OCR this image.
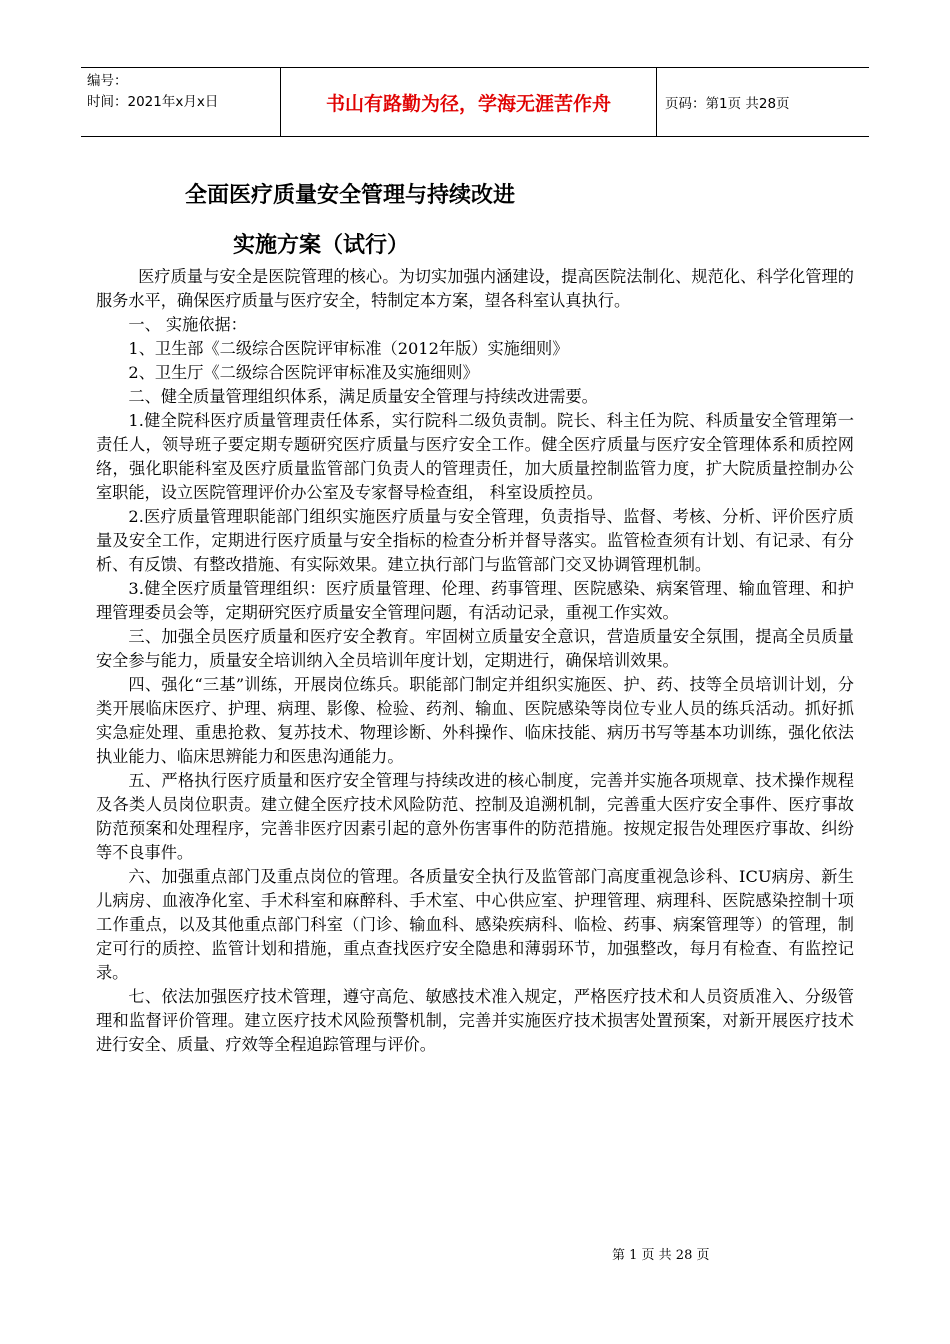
编号：
时间：2021年x月x日	书山有路勤为径，学海无涯苦作舟	页码：第1页 共28页
全面医疗质量安全管理与持续改进
实施方案（试行）

医疗质量与安全是医院管理的核心。为切实加强内涵建设，提高医院法制化、规范化、科学化管理的服务水平，确保医疗质量与医疗安全，特制定本方案，望各科室认真执行。

一、 实施依据：

1、卫生部《二级综合医院评审标准（2012年版）实施细则》

2、卫生厅《二级综合医院评审标准及实施细则》

二、健全质量管理组织体系，满足质量安全管理与持续改进需要。

1.健全院科医疗质量管理责任体系，实行院科二级负责制。院长、科主任为院、科质量安全管理第一责任人，领导班子要定期专题研究医疗质量与医疗安全工作。健全医疗质量与医疗安全管理体系和质控网络，强化职能科室及医疗质量监管部门负责人的管理责任，加大质量控制监管力度，扩大院质量控制办公室职能，设立医院管理评价办公室及专家督导检查组， 科室设质控员。

2.医疗质量管理职能部门组织实施医疗质量与安全管理，负责指导、监督、考核、分析、评价医疗质量及安全工作，定期进行医疗质量与安全指标的检查分析并督导落实。监管检查须有计划、有记录、有分析、有反馈、有整改措施、有实际效果。建立执行部门与监管部门交叉协调管理机制。

3.健全医疗质量管理组织：医疗质量管理、伦理、药事管理、医院感染、病案管理、输血管理、和护理管理委员会等，定期研究医疗质量安全管理问题，有活动记录，重视工作实效。

三、加强全员医疗质量和医疗安全教育。牢固树立质量安全意识，营造质量安全氛围，提高全员质量安全参与能力，质量安全培训纳入全员培训年度计划，定期进行，确保培训效果。

四、强化“三基”训练，开展岗位练兵。职能部门制定并组织实施医、护、药、技等全员培训计划，分类开展临床医疗、护理、病理、影像、检验、药剂、输血、医院感染等岗位专业人员的练兵活动。抓好抓实急症处理、重患抢救、复苏技术、物理诊断、外科操作、临床技能、病历书写等基本功训练，强化依法执业能力、临床思辨能力和医患沟通能力。

五、严格执行医疗质量和医疗安全管理与持续改进的核心制度，完善并实施各项规章、技术操作规程及各类人员岗位职责。建立健全医疗技术风险防范、控制及追溯机制，完善重大医疗安全事件、医疗事故防范预案和处理程序，完善非医疗因素引起的意外伤害事件的防范措施。按规定报告处理医疗事故、纠纷等不良事件。

六、加强重点部门及重点岗位的管理。各质量安全执行及监管部门高度重视急诊科、ICU病房、新生儿病房、血液净化室、手术科室和麻醉科、手术室、中心供应室、护理管理、病理科、医院感染控制十项工作重点，以及其他重点部门科室（门诊、输血科、感染疾病科、临检、药事、病案管理等）的管理，制定可行的质控、监管计划和措施，重点查找医疗安全隐患和薄弱环节，加强整改，每月有检查、有监控记录。

七、依法加强医疗技术管理，遵守高危、敏感技术准入规定，严格医疗技术和人员资质准入、分级管理和监督评价管理。建立医疗技术风险预警机制，完善并实施医疗技术损害处置预案，对新开展医疗技术进行安全、质量、疗效等全程追踪管理与评价。

第 1 页 共 28 页
